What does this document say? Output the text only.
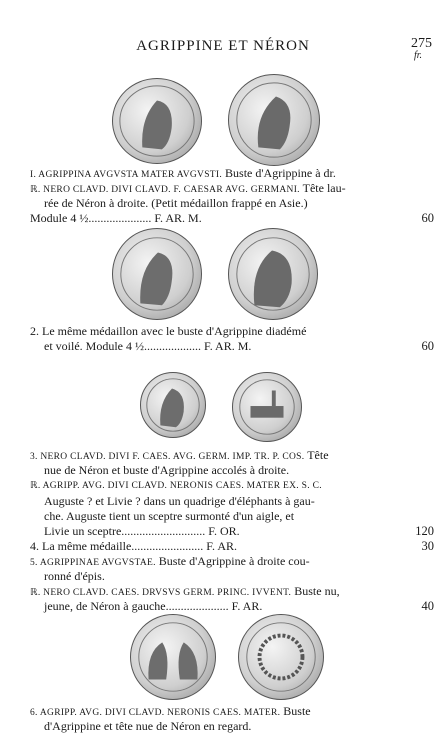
AGRIPPINE ET NÉRON	275
fr.
I. AGRIPPINA AVGVSTA MATER AVGVSTI. Buste d'Agrippine à dr.
ℝ. NERO CLAVD. DIVI CLAVD. F. CAESAR AVG. GERMANI. Tête lau-
rée de Néron à droite. (Petit médaillon frappé en Asie.)
Module 4 ½..................... F. AR. M.	60
2. Le même médaillon avec le buste d'Agrippine diadémé
et voilé. Module 4 ½................... F. AR. M.	60
3. NERO CLAVD. DIVI F. CAES. AVG. GERM. IMP. TR. P. COS. Tête
nue de Néron et buste d'Agrippine accolés à droite.
ℝ. AGRIPP. AVG. DIVI CLAVD. NERONIS CAES. MATER EX. S. C.
Auguste ? et Livie ? dans un quadrige d'éléphants à gau-
che. Auguste tient un sceptre surmonté d'un aigle, et
Livie un sceptre............................ F. OR.	120
4. La même médaille........................ F. AR.	30
5. AGRIPPINAE AVGVSTAE. Buste d'Agrippine à droite cou-
ronné d'épis.
ℝ. NERO CLAVD. CAES. DRVSVS GERM. PRINC. IVVENT. Buste nu,
jeune, de Néron à gauche..................... F. AR.	40
6. AGRIPP. AVG. DIVI CLAVD. NERONIS CAES. MATER. Buste
d'Agrippine et tête nue de Néron en regard.
